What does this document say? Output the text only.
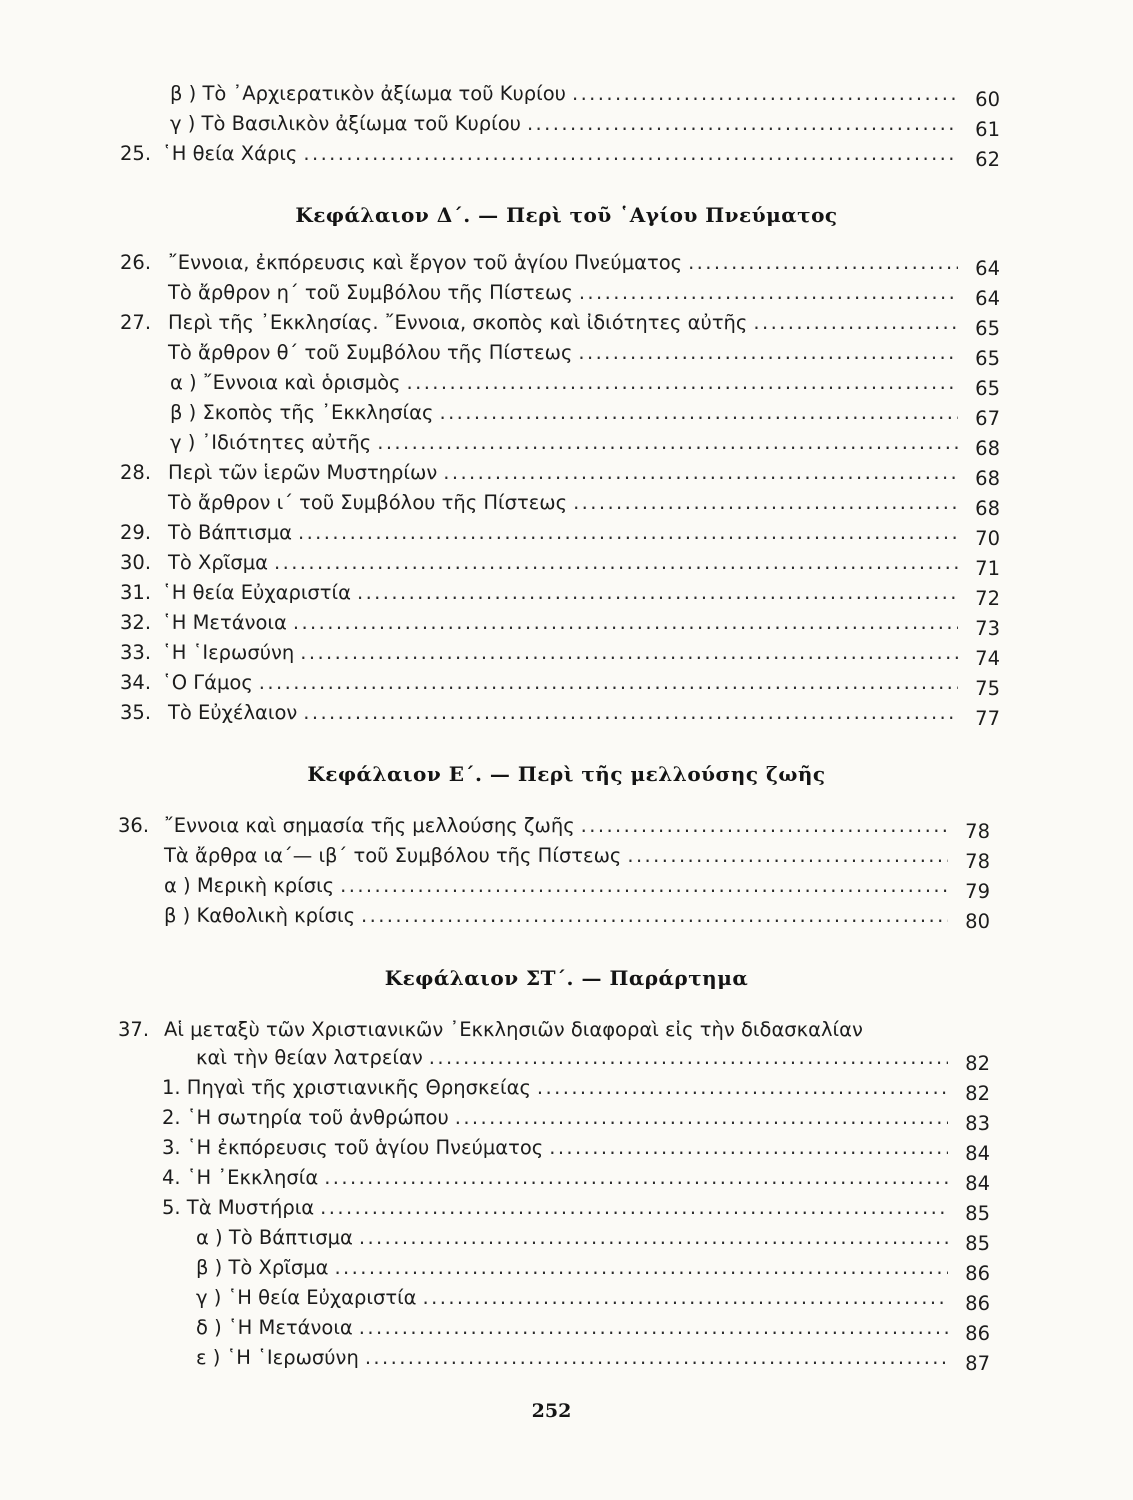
β ) Τὸ ᾿Αρχιερατικὸν ἀξίωμα τοῦ Κυρίου .....	60
γ ) Τὸ Βασιλικὸν ἀξίωμα τοῦ Κυρίου .....	61
25. ῾Η θεία Χάρις .....	62
Κεφάλαιον Δ΄. — Περὶ τοῦ ῾Αγίου Πνεύματος
26. ῎Εννοια, ἐκπόρευσις καὶ ἔργον τοῦ ἁγίου Πνεύματος .....	64
Τὸ ἄρθρον η΄ τοῦ Συμβόλου τῆς Πίστεως .....	64
27. Περὶ τῆς ᾿Εκκλησίας. ῎Εννοια, σκοπὸς καὶ ἰδιότητες αὐτῆς .....	65
Τὸ ἄρθρον θ΄ τοῦ Συμβόλου τῆς Πίστεως .....	65
α ) ῎Εννοια καὶ ὁρισμὸς .....	65
β ) Σκοπὸς τῆς ᾿Εκκλησίας .....	67
γ ) ᾿Ιδιότητες αὐτῆς .....	68
28. Περὶ τῶν ἱερῶν Μυστηρίων .....	68
Τὸ ἄρθρον ι΄ τοῦ Συμβόλου τῆς Πίστεως .....	68
29. Τὸ Βάπτισμα .....	70
30. Τὸ Χρῖσμα .....	71
31. ῾Η θεία Εὐχαριστία .....	72
32. ῾Η Μετάνοια .....	73
33. ῾Η ῾Ιερωσύνη .....	74
34. ῾Ο Γάμος .....	75
35. Τὸ Εὐχέλαιον .....	77
Κεφάλαιον Ε΄. — Περὶ τῆς μελλούσης ζωῆς
36. ῎Εννοια καὶ σημασία τῆς μελλούσης ζωῆς .....	78
Τὰ ἄρθρα ια΄— ιβ΄ τοῦ Συμβόλου τῆς Πίστεως .....	78
α ) Μερικὴ κρίσις .....	79
β ) Καθολικὴ κρίσις .....	80
Κεφάλαιον ΣΤ΄. — Παράρτημα
37. Αἱ μεταξὺ τῶν Χριστιανικῶν ᾿Εκκλησιῶν διαφοραὶ εἰς τὴν διδασκαλίαν
καὶ τὴν θείαν λατρείαν .....	82
1. Πηγαὶ τῆς χριστιανικῆς Θρησκείας .....	82
2. ῾Η σωτηρία τοῦ ἀνθρώπου .....	83
3. ῾Η ἐκπόρευσις τοῦ ἁγίου Πνεύματος .....	84
4. ῾Η ᾿Εκκλησία .....	84
5. Τὰ Μυστήρια .....	85
α ) Τὸ Βάπτισμα .....	85
β ) Τὸ Χρῖσμα .....	86
γ ) ῾Η θεία Εὐχαριστία .....	86
δ ) ῾Η Μετάνοια .....	86
ε ) ῾Η ῾Ιερωσύνη .....	87
252
